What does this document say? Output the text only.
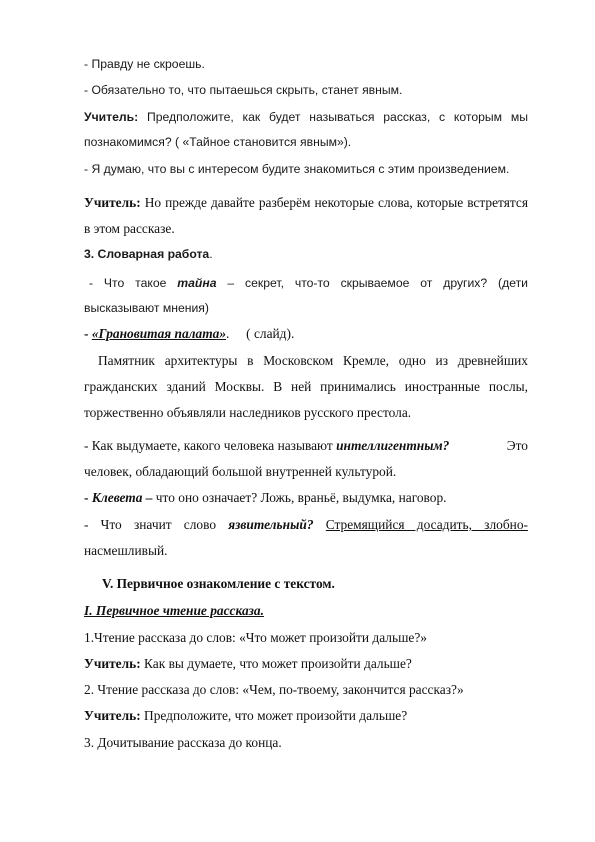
- Правду не скроешь.
- Обязательно то, что пытаешься скрыть, станет явным.
Учитель: Предположите, как будет называться рассказ, с которым мы
познакомимся? ( «Тайное становится явным»).
- Я думаю, что вы с интересом будите знакомиться с этим произведением.
Учитель: Но прежде давайте разберём некоторые слова, которые встретятся
в этом рассказе.
3. Словарная работа.
- Что такое тайна – секрет, что-то скрываемое от других? (дети
высказывают мнения)
- «Грановитая палата».     ( слайд).
Памятник архитектуры в Московском Кремле, одно из древнейших
гражданских зданий Москвы. В ней принимались иностранные послы,
торжественно объявляли наследников русского престола.
- Как выдумаете, какого человека называют интеллигентным?	Это
человек, обладающий большой внутренней культурой.
- Клевета – что оно означает? Ложь, враньё, выдумка, наговор.
- Что значит слово язвительный? Стремящийся досадить, злобно-
насмешливый.
V. Первичное ознакомление с текстом.
I. Первичное чтение рассказа.
1.Чтение рассказа до слов: «Что может произойти дальше?»
Учитель: Как вы думаете, что может произойти дальше?
2. Чтение рассказа до слов: «Чем, по-твоему, закончится рассказ?»
Учитель: Предположите, что может произойти дальше?
3. Дочитывание рассказа до конца.
